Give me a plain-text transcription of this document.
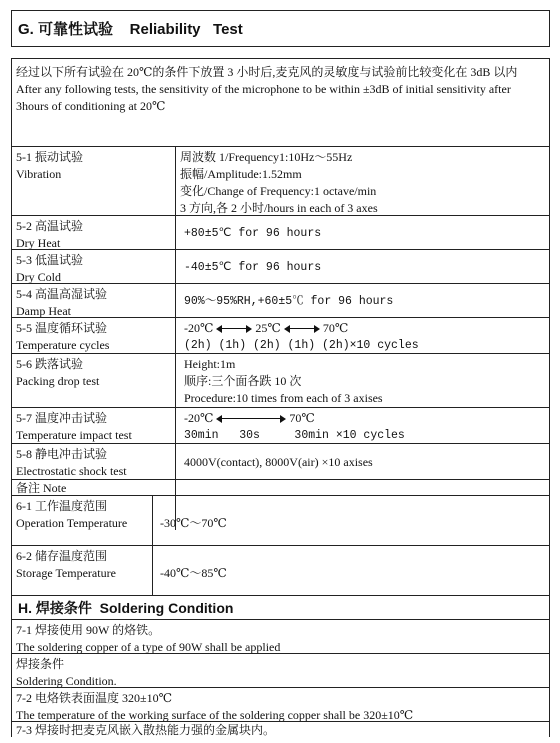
G. 可靠性试验    Reliability   Test
经过以下所有试验在 20℃的条件下放置 3 小时后,麦克风的灵敏度与试验前比较变化在 3dB 以内
After any following tests, the sensitivity of the microphone to be within ±3dB of initial sensitivity after 3hours of conditioning at 20℃
5-1 振动试验
Vibration
周波数 1/Frequency1:10Hz～55Hz
振幅/Amplitude:1.52mm
变化/Change of Frequency:1 octave/min
3 方向,各 2 小时/hours in each of 3 axes
5-2 高温试验
Dry Heat
+80±5℃ for 96 hours
5-3 低温试验
Dry Cold
-40±5℃ for 96 hours
5-4 高温高湿试验
Damp Heat
90%～95%RH,+60±5℃ for 96 hours
5-5 温度循环试验
Temperature cycles
-20℃	25℃	70℃
(2h) (1h) (2h) (1h) (2h)×10 cycles
5-6 跌落试验
Packing drop test
Height:1m
顺序:三个面各跌 10 次
Procedure:10 times from each of 3 axises
5-7 温度冲击试验
Temperature impact test
-20℃	70℃
30min   30s     30min ×10 cycles
5-8 静电冲击试验
Electrostatic shock test
4000V(contact), 8000V(air) ×10 axises
备注 Note
6-1 工作温度范围
Operation Temperature	-30℃～70℃
6-2 储存温度范围
Storage Temperature	-40℃～85℃
H. 焊接条件  Soldering Condition
7-1 焊接使用 90W 的烙铁。
The soldering copper of a type of 90W shall be applied
焊接条件
Soldering Condition.
7-2 电烙铁表面温度 320±10℃
The temperature of the working surface of the soldering copper shall be 320±10℃
7-3 焊接时把麦克风嵌入散热能力强的金属块内。
